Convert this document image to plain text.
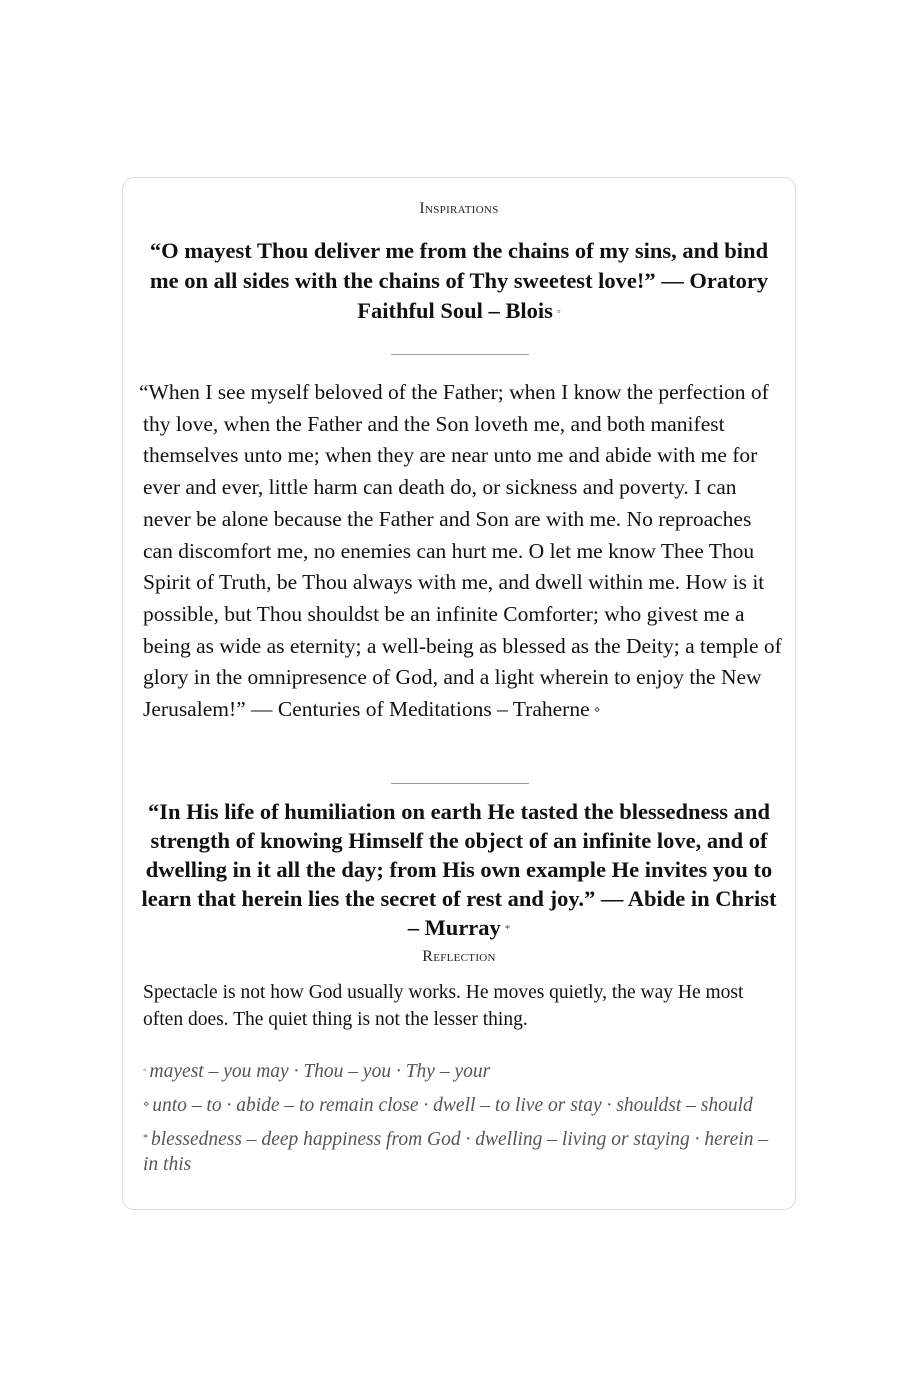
Inspirations
“O mayest Thou deliver me from the chains of my sins, and bind me on all sides with the chains of Thy sweetest love!” — Oratory Faithful Soul – Blois ◦
“When I see myself beloved of the Father; when I know the perfection of thy love, when the Father and the Son loveth me, and both manifest themselves unto me; when they are near unto me and abide with me for ever and ever, little harm can death do, or sickness and poverty. I can never be alone because the Father and Son are with me. No reproaches can discomfort me, no enemies can hurt me. O let me know Thee Thou Spirit of Truth, be Thou always with me, and dwell within me. How is it possible, but Thou shouldst be an infinite Comforter; who givest me a being as wide as eternity; a well-being as blessed as the Deity; a temple of glory in the omnipresence of God, and a light wherein to enjoy the New Jerusalem!” — Centuries of Meditations – Traherne ⋄
“In His life of humiliation on earth He tasted the blessedness and strength of knowing Himself the object of an infinite love, and of dwelling in it all the day; from His own example He invites you to learn that herein lies the secret of rest and joy.” — Abide in Christ – Murray *
Reflection
Spectacle is not how God usually works. He moves quietly, the way He most often does. The quiet thing is not the lesser thing.
◦ mayest – you may · Thou – you · Thy – your
⋄ unto – to · abide – to remain close · dwell – to live or stay · shouldst – should
* blessedness – deep happiness from God · dwelling – living or staying · herein – in this
